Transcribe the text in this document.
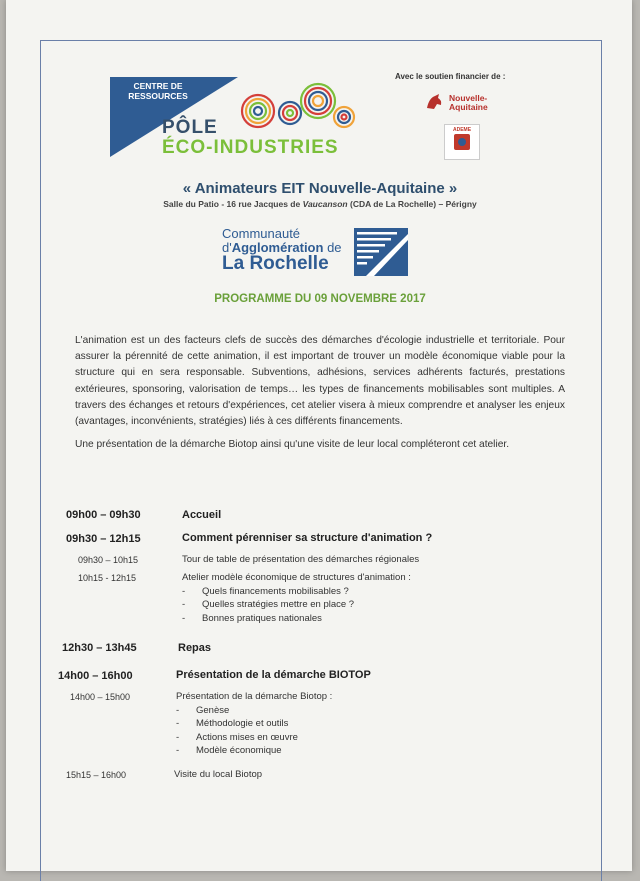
CENTRE DE RESSOURCES
PÔLE
ÉCO-INDUSTRIES
Avec le soutien financier de :
Nouvelle-
Aquitaine
ADEME
« Animateurs EIT Nouvelle-Aquitaine »
Salle du Patio - 16 rue Jacques de Vaucanson (CDA de La Rochelle) – Périgny
Communauté
d'Agglomération de
La Rochelle
PROGRAMME DU 09 NOVEMBRE 2017
L'animation est un des facteurs clefs de succès des démarches d'écologie industrielle et territoriale. Pour assurer la pérennité de cette animation, il est important de trouver un modèle économique viable pour la structure qui en sera responsable. Subventions, adhésions, services adhérents facturés, prestations extérieures, sponsoring, valorisation de temps… les types de financements mobilisables sont multiples. A travers des échanges et retours d'expériences, cet atelier visera à mieux comprendre et analyser les enjeux (avantages, inconvénients, stratégies) liés à ces différents financements.
Une présentation de la démarche Biotop ainsi qu'une visite de leur local compléteront cet atelier.
09h00 – 09h30	Accueil
09h30 – 12h15	Comment pérenniser sa structure d'animation ?
09h30 – 10h15	Tour de table de présentation des démarches régionales
10h15 - 12h15	Atelier modèle économique de structures d'animation :
- Quels financements mobilisables ?
- Quelles stratégies mettre en place ?
- Bonnes pratiques nationales
12h30 – 13h45	Repas
14h00 – 16h00	Présentation de la démarche BIOTOP
14h00 – 15h00	Présentation de la démarche Biotop :
- Genèse
- Méthodologie et outils
- Actions mises en œuvre
- Modèle économique
15h15 – 16h00	Visite du local Biotop
